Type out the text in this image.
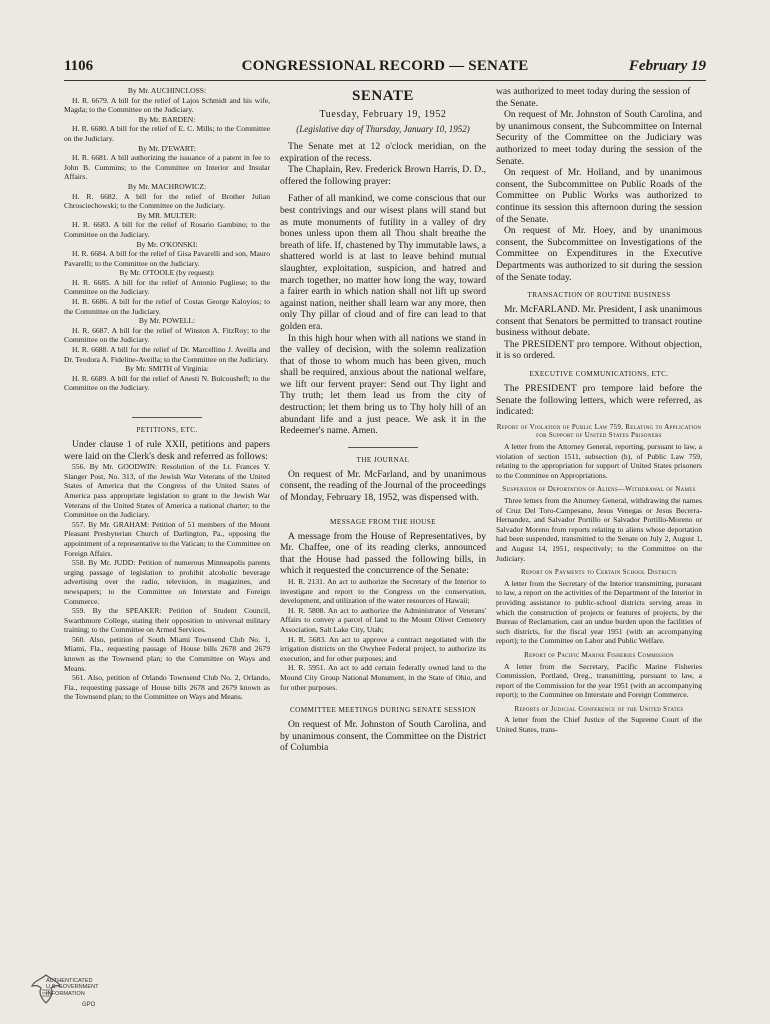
1106	CONGRESSIONAL RECORD — SENATE	February 19

By Mr. AUCHINCLOSS:

H. R. 6679. A bill for the relief of Lajos Schmidt and his wife, Magda; to the Committee on the Judiciary.

By Mr. BARDEN:

H. R. 6680. A bill for the relief of E. C. Mills; to the Committee on the Judiciary.

By Mr. D'EWART:

H. R. 6681. A bill authorizing the issuance of a patent in fee to John B. Cummins; to the Committee on Interior and Insular Affairs.

By Mr. MACHROWICZ:

H. R. 6682. A bill for the relief of Brother Julian Chrosciechowski; to the Committee on the Judiciary.

By MR. MULTER:

H. R. 6683. A bill for the relief of Rosario Gambino; to the Committee on the Judiciary.

By Mr. O'KONSKI:

H. R. 6684. A bill for the relief of Gisa Pavarelli and son, Mauro Pavarelli; to the Committee on the Judiciary.

By Mr. O'TOOLE (by request):

H. R. 6685. A bill for the relief of Antonio Pugliese; to the Committee on the Judiciary.

H. R. 6686. A bill for the relief of Costas George Kaloyios; to the Committee on the Judiciary.

By Mr. POWELL:

H. R. 6687. A bill for the relief of Winston A. FitzRoy; to the Committee on the Judiciary.

H. R. 6688. A bill for the relief of Dr. Marcellino J. Aveilla and Dr. Teodora A. Fideline-Aveilla; to the Committee on the Judiciary.

By Mr. SMITH of Virginia:

H. R. 6689. A bill for the relief of Anesti N. Bulcoushefl; to the Committee on the Judiciary.

PETITIONS, ETC.

Under clause 1 of rule XXII, petitions and papers were laid on the Clerk's desk and referred as follows:

556. By Mr. GOODWIN: Resolution of the Lt. Frances Y. Slanger Post, No. 313, of the Jewish War Veterans of the United States of America that the Congress of the United States of America pass appropriate legislation to grant to the Jewish War Veterans of the United States of America a national charter; to the Committee on the Judiciary.

557. By Mr. GRAHAM: Petition of 51 members of the Mount Pleasant Presbyterian Church of Darlington, Pa., opposing the appointment of a representative to the Vatican; to the Committee on Foreign Affairs.

558. By Mr. JUDD: Petition of numerous Minneapolis parents urging passage of legislation to prohibit alcoholic beverage advertising over the radio, television, in magazines, and newspapers; to the Committee on Interstate and Foreign Commerce.

559. By the SPEAKER: Petition of Student Council, Swarthmore College, stating their opposition to universal military training; to the Committee on Armed Services.

560. Also, petition of South Miami Townsend Club No. 1, Miami, Fla., requesting passage of House bills 2678 and 2679 known as the Townsend plan; to the Committee on Ways and Means.

561. Also, petition of Orlando Townsend Club No. 2, Orlando, Fla., requesting passage of House bills 2678 and 2679 known as the Townsend plan; to the Committee on Ways and Means.

SENATE

Tuesday, February 19, 1952

(Legislative day of Thursday, January 10, 1952)

The Senate met at 12 o'clock meridian, on the expiration of the recess.

The Chaplain, Rev. Frederick Brown Harris, D. D., offered the following prayer:

Father of all mankind, we come conscious that our best contrivings and our wisest plans will stand but as mute monuments of futility in a valley of dry bones unless upon them all Thou shalt breathe the breath of life. If, chastened by Thy immutable laws, a shattered world is at last to leave behind mutual slaughter, exploitation, suspicion, and hatred and march together, no matter how long the way, toward a fairer earth in which nation shall not lift up sword against nation, neither shall learn war any more, then only Thy pillar of cloud and of fire can lead to that golden era.

In this high hour when with all nations we stand in the valley of decision, with the solemn realization that of those to whom much has been given, much shall be required, anxious about the national welfare, we lift our fervent prayer: Send out Thy light and Thy truth; let them lead us from the city of destruction; let them bring us to Thy holy hill of an abundant life and a just peace. We ask it in the Redeemer's name. Amen.

THE JOURNAL

On request of Mr. McFarland, and by unanimous consent, the reading of the Journal of the proceedings of Monday, February 18, 1952, was dispensed with.

MESSAGE FROM THE HOUSE

A message from the House of Representatives, by Mr. Chaffee, one of its reading clerks, announced that the House had passed the following bills, in which it requested the concurrence of the Senate:

H. R. 2131. An act to authorize the Secretary of the Interior to investigate and report to the Congress on the conservation, development, and utilization of the water resources of Hawaii;

H. R. 5808. An act to authorize the Administrator of Veterans' Affairs to convey a parcel of land to the Mount Olivet Cemetery Association, Salt Lake City, Utah;

H. R. 5683. An act to approve a contract negotiated with the irrigation districts on the Owyhee Federal project, to authorize its execution, and for other purposes; and

H. R. 5951. An act to add certain federally owned land to the Mound City Group National Monument, in the State of Ohio, and for other purposes.

COMMITTEE MEETINGS DURING SENATE SESSION

On request of Mr. Johnston of South Carolina, and by unanimous consent, the Committee on the District of Columbia

was authorized to meet today during the session of the Senate.

On request of Mr. Johnston of South Carolina, and by unanimous consent, the Subcommittee on Internal Security of the Committee on the Judiciary was authorized to meet today during the session of the Senate.

On request of Mr. Holland, and by unanimous consent, the Subcommittee on Public Roads of the Committee on Public Works was authorized to continue its session this afternoon during the session of the Senate.

On request of Mr. Hoey, and by unanimous consent, the Subcommittee on Investigations of the Committee on Expenditures in the Executive Departments was authorized to sit during the session of the Senate today.

TRANSACTION OF ROUTINE BUSINESS

Mr. McFARLAND. Mr. President, I ask unanimous consent that Senators be permitted to transact routine business without debate.

The PRESIDENT pro tempore. Without objection, it is so ordered.

EXECUTIVE COMMUNICATIONS, ETC.

The PRESIDENT pro tempore laid before the Senate the following letters, which were referred, as indicated:

Report of Violation of Public Law 759, Relating to Application for Support of United States Prisoners

A letter from the Attorney General, reporting, pursuant to law, a violation of section 1511, subsection (h), of Public Law 759, relating to the appropriation for support of United States prisoners to the Committee on Appropriations.

Suspension of Deportation of Aliens—Withdrawal of Names

Three letters from the Attorney General, withdrawing the names of Cruz Del Toro-Campesano, Jesus Venegas or Jesus Becerra-Hernandez, and Salvador Portillo or Salvador Portillo-Moreno or Salvador Moreno from reports relating to aliens whose deportation had been suspended, transmitted to the Senate on July 2, August 1, and August 14, 1951, respectively; to the Committee on the Judiciary.

Report on Payments to Certain School Districts

A letter from the Secretary of the Interior transmitting, pursuant to law, a report on the activities of the Department of the Interior in providing assistance to public-school districts serving areas in which the construction of projects or features of projects, by the Bureau of Reclamation, cast an undue burden upon the facilities of such districts, for the fiscal year 1951 (with an accompanying report); to the Committee on Labor and Public Welfare.

Report of Pacific Marine Fisheries Commission

A letter from the Secretary, Pacific Marine Fisheries Commission, Portland, Oreg., transmitting, pursuant to law, a report of the Commission for the year 1951 (with an accompanying report); to the Committee on Interstate and Foreign Commerce.

Reports of Judicial Conference of the United States

A letter from the Chief Justice of the Supreme Court of the United States, trans-

AUTHENTICATED
U.S. GOVERNMENT
INFORMATION
GPO
